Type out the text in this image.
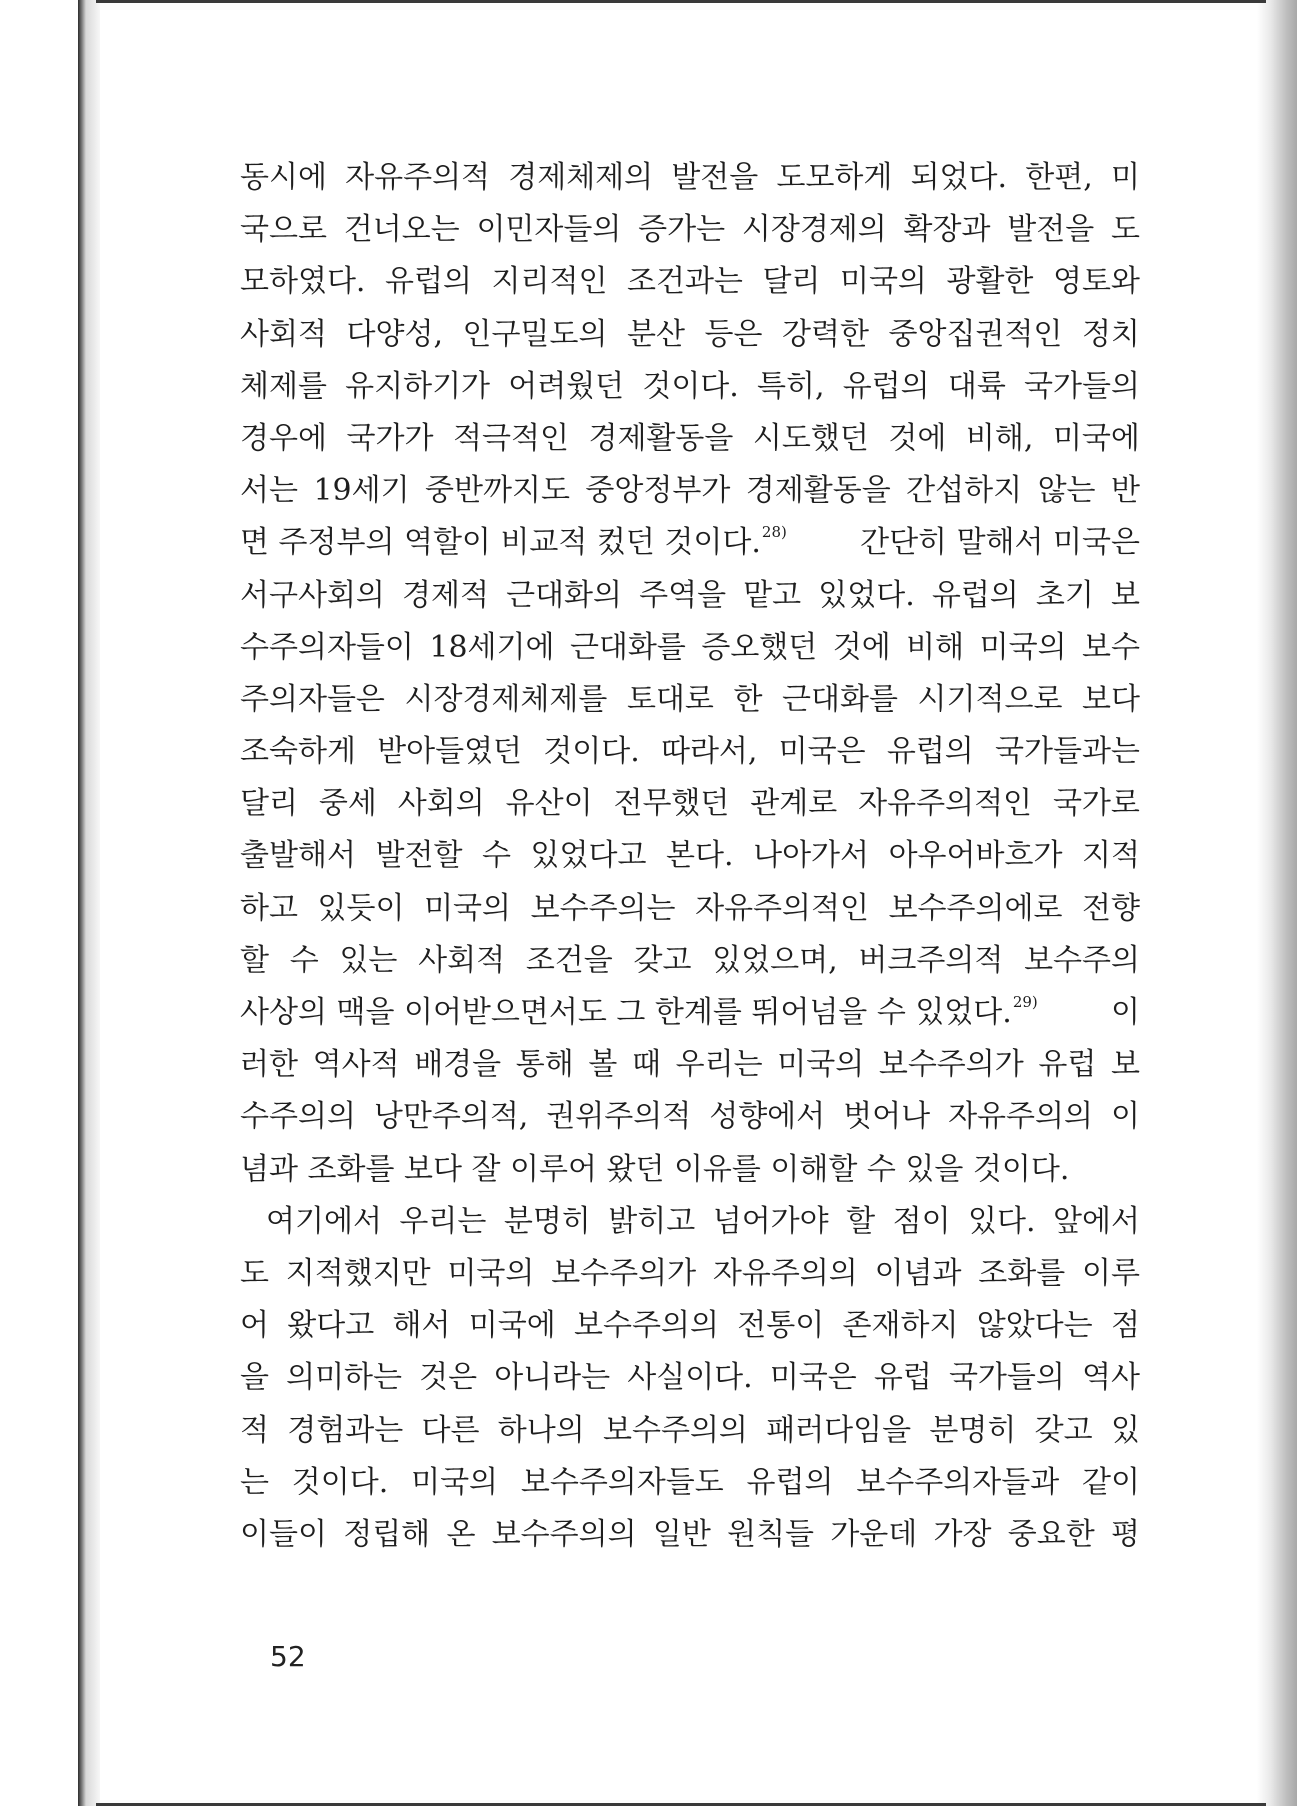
동시에 자유주의적 경제체제의 발전을 도모하게 되었다. 한편, 미
국으로 건너오는 이민자들의 증가는 시장경제의 확장과 발전을 도
모하였다. 유럽의 지리적인 조건과는 달리 미국의 광활한 영토와
사회적 다양성, 인구밀도의 분산 등은 강력한 중앙집권적인 정치
체제를 유지하기가 어려웠던 것이다. 특히, 유럽의 대륙 국가들의
경우에 국가가 적극적인 경제활동을 시도했던 것에 비해, 미국에
서는 19세기 중반까지도 중앙정부가 경제활동을 간섭하지 않는 반
면 주정부의 역할이 비교적 컸던 것이다.$^{28)}$ 간단히 말해서 미국은
서구사회의 경제적 근대화의 주역을 맡고 있었다. 유럽의 초기 보
수주의자들이 18세기에 근대화를 증오했던 것에 비해 미국의 보수
주의자들은 시장경제체제를 토대로 한 근대화를 시기적으로 보다
조숙하게 받아들였던 것이다. 따라서, 미국은 유럽의 국가들과는
달리 중세 사회의 유산이 전무했던 관계로 자유주의적인 국가로
출발해서 발전할 수 있었다고 본다. 나아가서 아우어바흐가 지적
하고 있듯이 미국의 보수주의는 자유주의적인 보수주의에로 전향
할 수 있는 사회적 조건을 갖고 있었으며, 버크주의적 보수주의
사상의 맥을 이어받으면서도 그 한계를 뛰어넘을 수 있었다.$^{29)}$ 이
러한 역사적 배경을 통해 볼 때 우리는 미국의 보수주의가 유럽 보
수주의의 낭만주의적, 권위주의적 성향에서 벗어나 자유주의의 이
념과 조화를 보다 잘 이루어 왔던 이유를 이해할 수 있을 것이다.
여기에서 우리는 분명히 밝히고 넘어가야 할 점이 있다. 앞에서
도 지적했지만 미국의 보수주의가 자유주의의 이념과 조화를 이루
어 왔다고 해서 미국에 보수주의의 전통이 존재하지 않았다는 점
을 의미하는 것은 아니라는 사실이다. 미국은 유럽 국가들의 역사
적 경험과는 다른 하나의 보수주의의 패러다임을 분명히 갖고 있
는 것이다. 미국의 보수주의자들도 유럽의 보수주의자들과 같이
이들이 정립해 온 보수주의의 일반 원칙들 가운데 가장 중요한 평
52
